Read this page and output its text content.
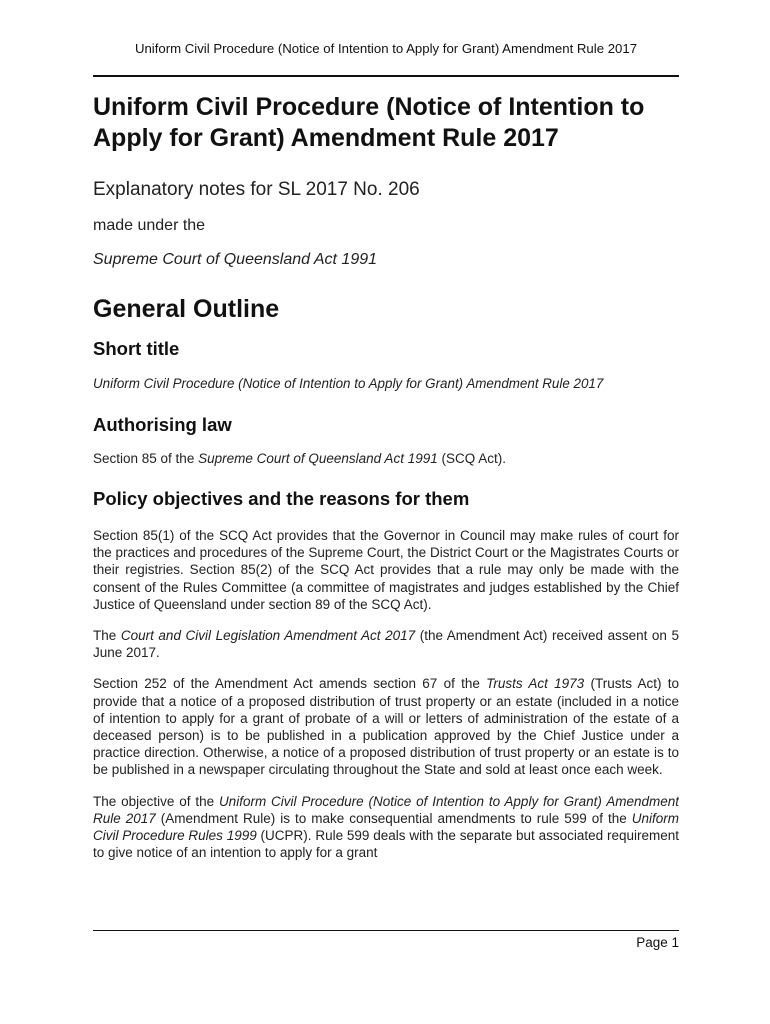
Uniform Civil Procedure (Notice of Intention to Apply for Grant) Amendment Rule 2017
Uniform Civil Procedure (Notice of Intention to Apply for Grant) Amendment Rule 2017
Explanatory notes for SL 2017 No. 206
made under the
Supreme Court of Queensland Act 1991
General Outline
Short title
Uniform Civil Procedure (Notice of Intention to Apply for Grant) Amendment Rule 2017
Authorising law
Section 85 of the Supreme Court of Queensland Act 1991 (SCQ Act).
Policy objectives and the reasons for them

Section 85(1) of the SCQ Act provides that the Governor in Council may make rules of court for the practices and procedures of the Supreme Court, the District Court or the Magistrates Courts or their registries. Section 85(2) of the SCQ Act provides that a rule may only be made with the consent of the Rules Committee (a committee of magistrates and judges established by the Chief Justice of Queensland under section 89 of the SCQ Act).

The Court and Civil Legislation Amendment Act 2017 (the Amendment Act) received assent on 5 June 2017.

Section 252 of the Amendment Act amends section 67 of the Trusts Act 1973 (Trusts Act) to provide that a notice of a proposed distribution of trust property or an estate (included in a notice of intention to apply for a grant of probate of a will or letters of administration of the estate of a deceased person) is to be published in a publication approved by the Chief Justice under a practice direction. Otherwise, a notice of a proposed distribution of trust property or an estate is to be published in a newspaper circulating throughout the State and sold at least once each week.

The objective of the Uniform Civil Procedure (Notice of Intention to Apply for Grant) Amendment Rule 2017 (Amendment Rule) is to make consequential amendments to rule 599 of the Uniform Civil Procedure Rules 1999 (UCPR). Rule 599 deals with the separate but associated requirement to give notice of an intention to apply for a grant

Page 1
